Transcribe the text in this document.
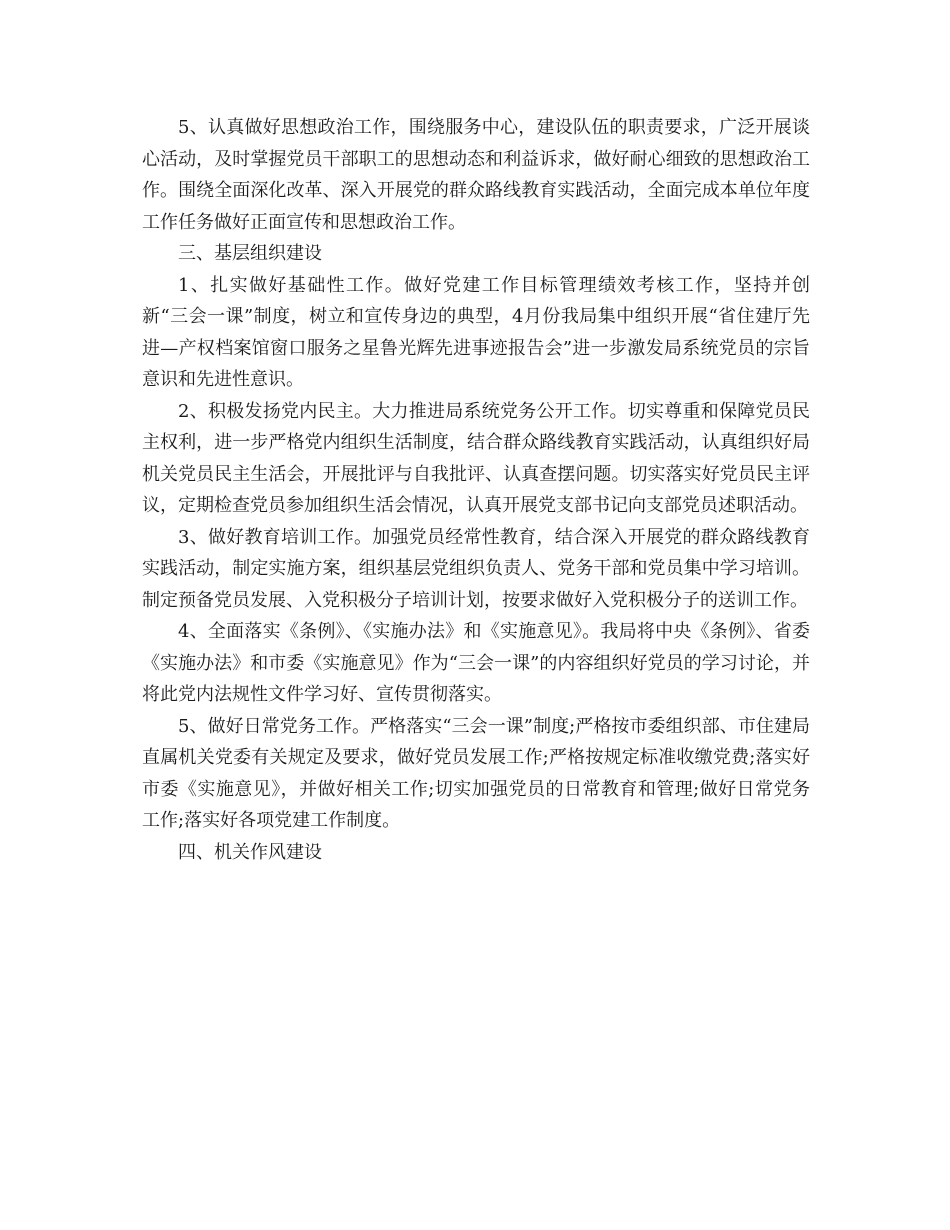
5、认真做好思想政治工作，围绕服务中心，建设队伍的职责要求，广泛开展谈心活动，及时掌握党员干部职工的思想动态和利益诉求，做好耐心细致的思想政治工作。围绕全面深化改革、深入开展党的群众路线教育实践活动，全面完成本单位年度工作任务做好正面宣传和思想政治工作。

三、基层组织建设

1、扎实做好基础性工作。做好党建工作目标管理绩效考核工作，坚持并创新“三会一课”制度，树立和宣传身边的典型，4月份我局集中组织开展“省住建厅先进—产权档案馆窗口服务之星鲁光辉先进事迹报告会”进一步激发局系统党员的宗旨意识和先进性意识。

2、积极发扬党内民主。大力推进局系统党务公开工作。切实尊重和保障党员民主权利，进一步严格党内组织生活制度，结合群众路线教育实践活动，认真组织好局机关党员民主生活会，开展批评与自我批评、认真查摆问题。切实落实好党员民主评议，定期检查党员参加组织生活会情况，认真开展党支部书记向支部党员述职活动。

3、做好教育培训工作。加强党员经常性教育，结合深入开展党的群众路线教育实践活动，制定实施方案，组织基层党组织负责人、党务干部和党员集中学习培训。制定预备党员发展、入党积极分子培训计划，按要求做好入党积极分子的送训工作。

4、全面落实《条例》、《实施办法》和《实施意见》。我局将中央《条例》、省委《实施办法》和市委《实施意见》作为“三会一课”的内容组织好党员的学习讨论，并将此党内法规性文件学习好、宣传贯彻落实。

5、做好日常党务工作。严格落实“三会一课”制度;严格按市委组织部、市住建局直属机关党委有关规定及要求，做好党员发展工作;严格按规定标准收缴党费;落实好市委《实施意见》，并做好相关工作;切实加强党员的日常教育和管理;做好日常党务工作;落实好各项党建工作制度。

四、机关作风建设
